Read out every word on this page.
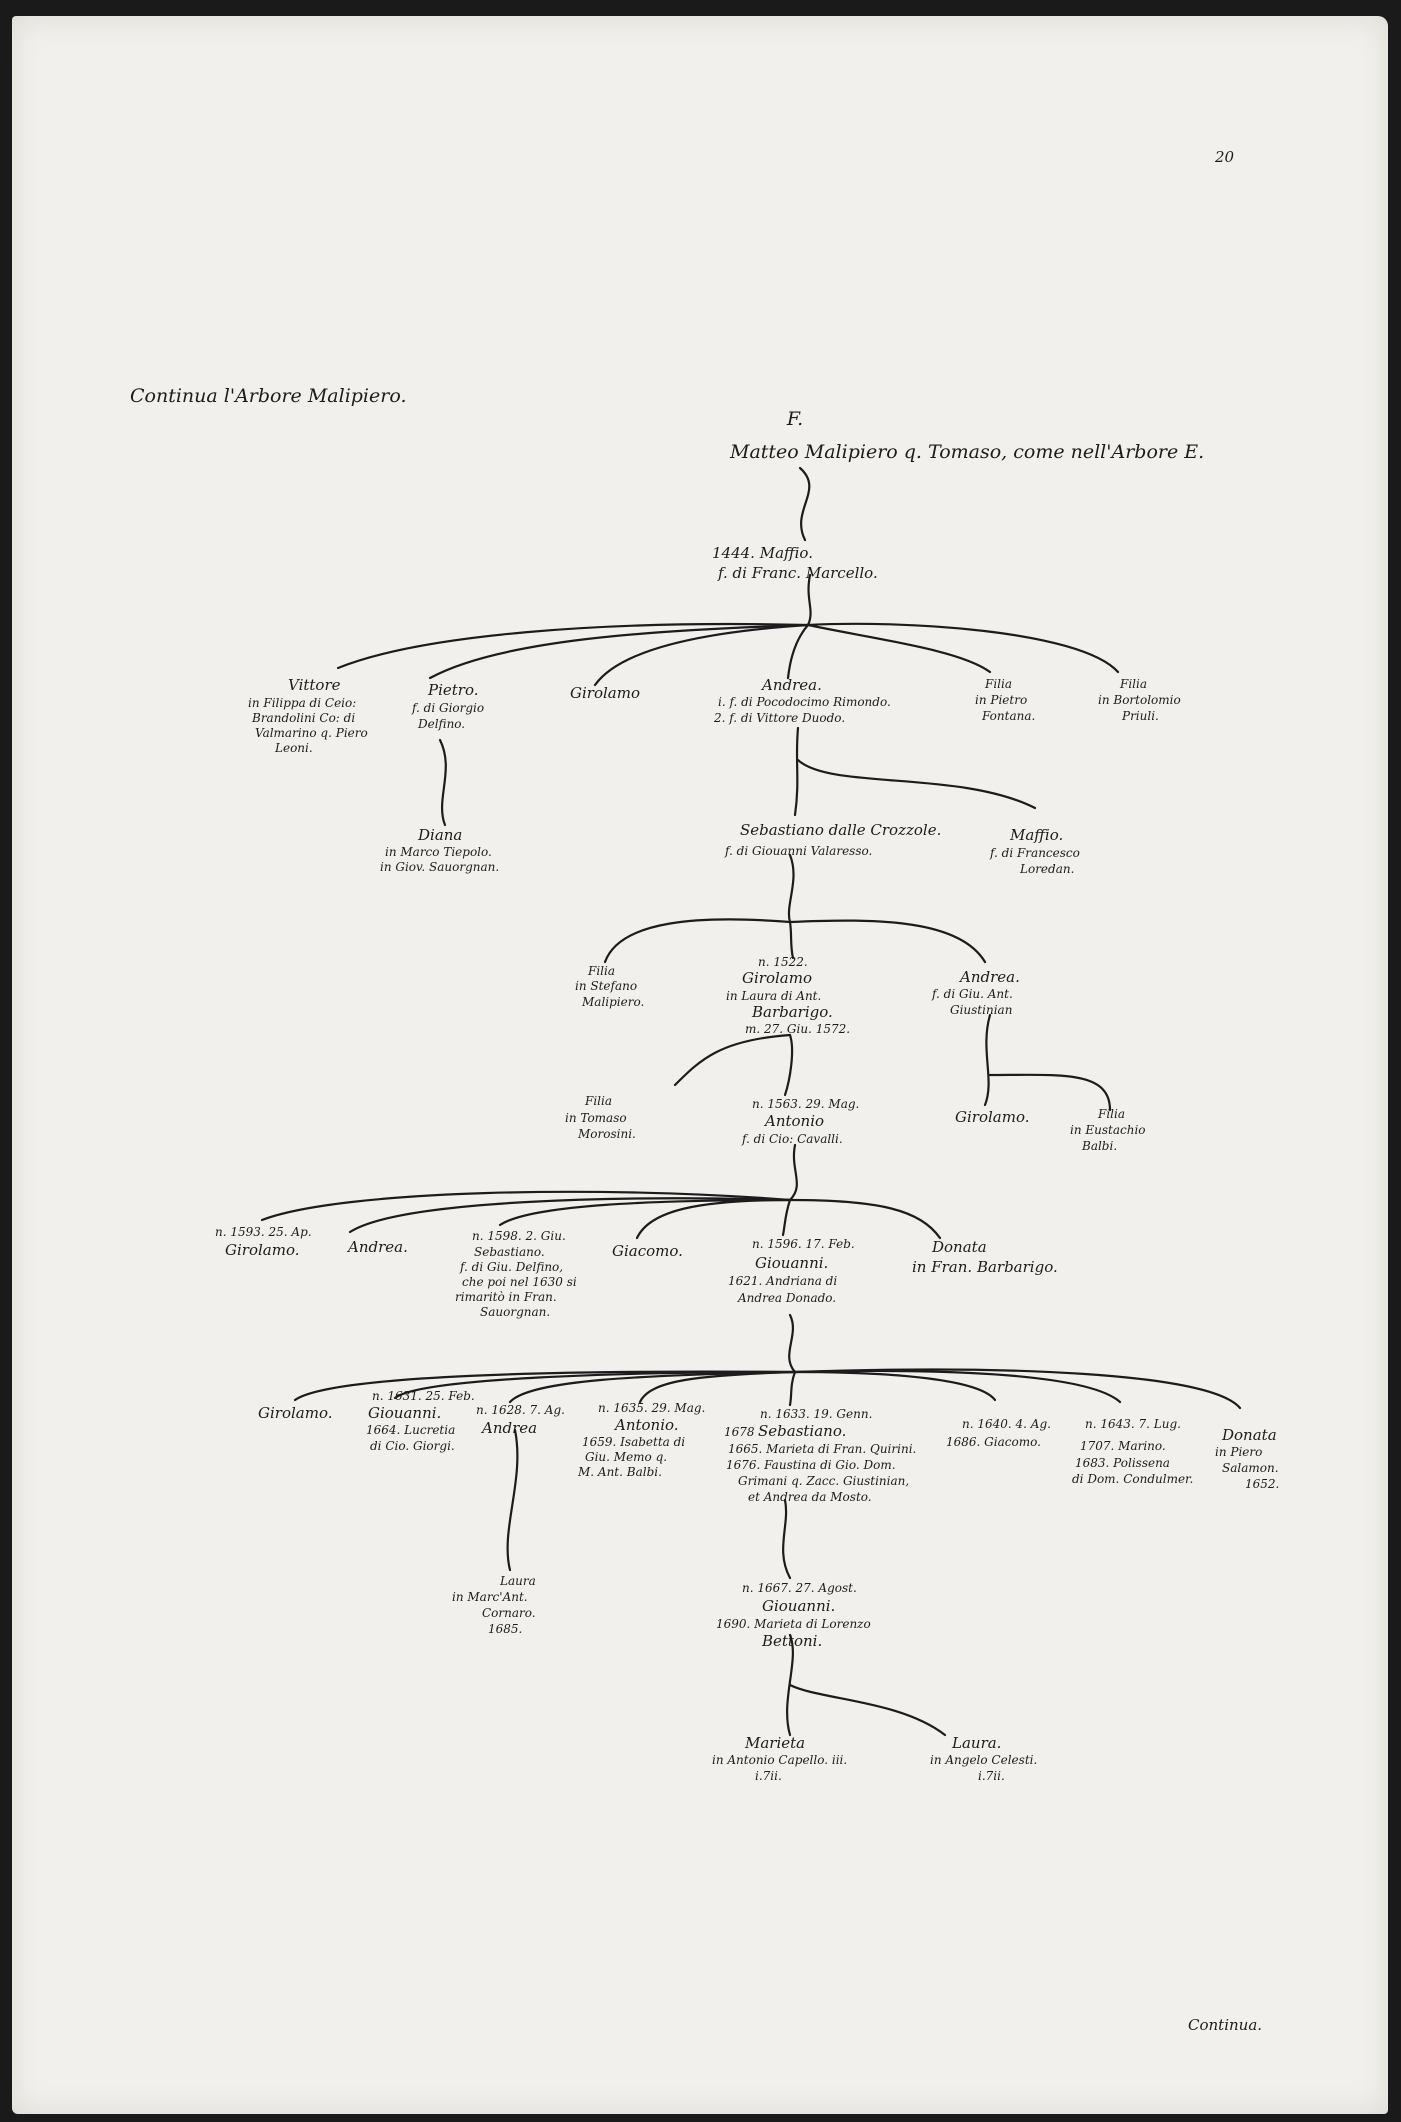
20
Continua l'Arbore Malipiero.
Continua.
F.
Matteo Malipiero q. Tomaso, come nell'Arbore E.
1444. Maffio.
f. di Franc. Marcello.
Vittore
in Filippa di Ceio:
Brandolini Co: di
Valmarino q. Piero
Leoni.
Pietro.
f. di Giorgio
Delfino.
Girolamo	Andrea.
i. f. di Pocodocimo Rimondo.
2. f. di Vittore Duodo.
Filia
in Pietro
Fontana.
Filia
in Bortolomio
Priuli.
Diana
in Marco Tiepolo.
in Giov. Sauorgnan.
Sebastiano dalle Crozzole.
f. di Giouanni Valaresso.
Maffio.
f. di Francesco
Loredan.
Filia
in Stefano
Malipiero.
n. 1522.
Girolamo
in Laura di Ant.
Barbarigo.
m. 27. Giu. 1572.
Andrea.
f. di Giu. Ant.
Giustinian
Filia
in Tomaso
Morosini.
n. 1563. 29. Mag.
Antonio
f. di Cio: Cavalli.
Girolamo.	Filia
in Eustachio
Balbi.
n. 1593. 25. Ap.
Girolamo.	Andrea.
n. 1598. 2. Giu.
Sebastiano.
f. di Giu. Delfino,
che poi nel 1630 si
rimaritò in Fran.
Sauorgnan.
Giacomo.	n. 1596. 17. Feb.
Giouanni.
1621. Andriana di
Andrea Donado.
Donata
in Fran. Barbarigo.
Girolamo.
n. 1631. 25. Feb.
Giouanni.
1664. Lucretia
di Cio. Giorgi.
n. 1628. 7. Ag.
Andrea
n. 1635. 29. Mag.
Antonio.
1659. Isabetta di
Giu. Memo q.
M. Ant. Balbi.
n. 1633. 19. Genn.
1678 Sebastiano.
1665. Marieta di Fran. Quirini.
1676. Faustina di Gio. Dom.
Grimani q. Zacc. Giustinian,
et Andrea da Mosto.
n. 1640. 4. Ag.
1686. Giacomo.
n. 1643. 7. Lug.
1707. Marino.
1683. Polissena
di Dom. Condulmer.
Donata
in Piero
Salamon.
1652.
Laura
in Marc'Ant.
Cornaro.
1685.
n. 1667. 27. Agost.
Giouanni.
1690. Marieta di Lorenzo
Bettoni.
Marieta
in Antonio Capello. iii.
i.7ii.
Laura.
in Angelo Celesti.
i.7ii.
